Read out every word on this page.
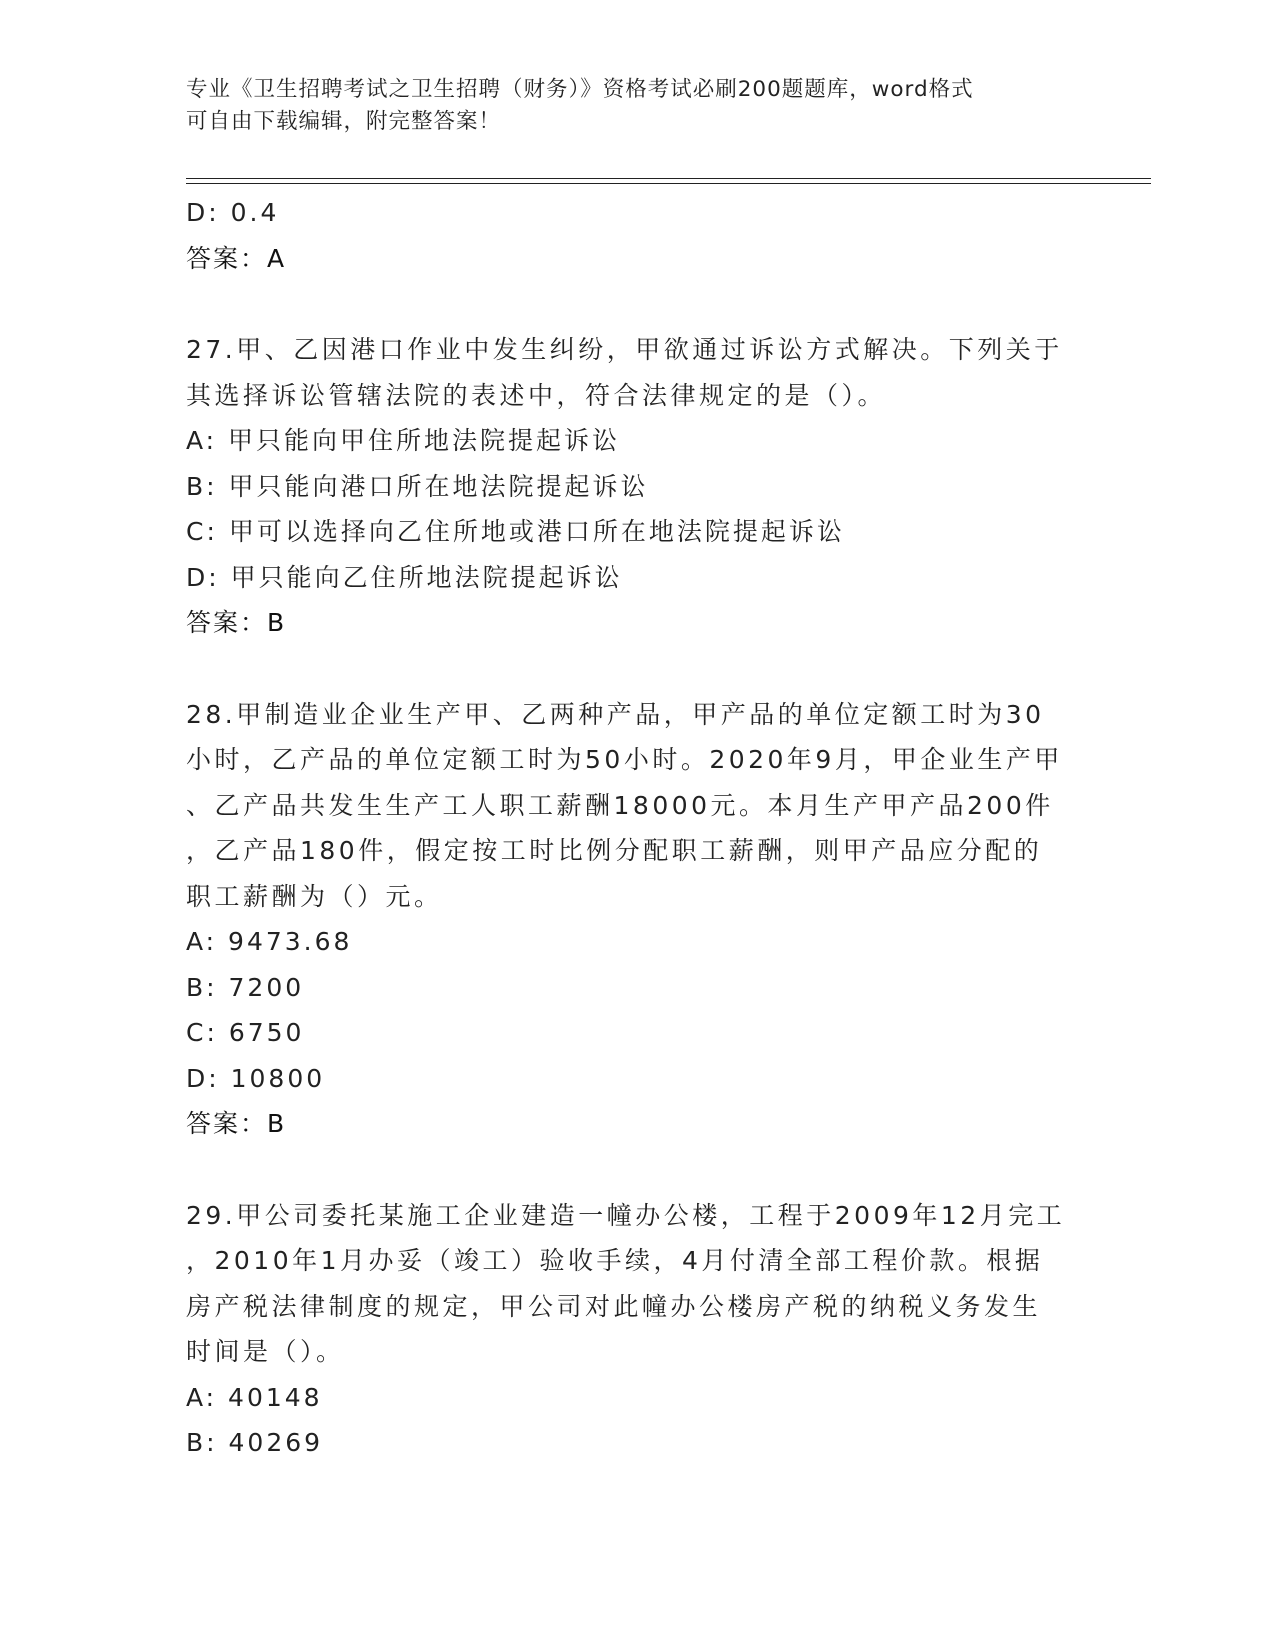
专业《卫生招聘考试之卫生招聘（财务）》资格考试必刷200题题库，word格式
可自由下载编辑，附完整答案！
D: 0.4
答案：A
27.甲、乙因港口作业中发生纠纷，甲欲通过诉讼方式解决。下列关于
其选择诉讼管辖法院的表述中，符合法律规定的是（）。
A: 甲只能向甲住所地法院提起诉讼
B: 甲只能向港口所在地法院提起诉讼
C: 甲可以选择向乙住所地或港口所在地法院提起诉讼
D: 甲只能向乙住所地法院提起诉讼
答案：B
28.甲制造业企业生产甲、乙两种产品，甲产品的单位定额工时为30
小时，乙产品的单位定额工时为50小时。2020年9月，甲企业生产甲
、乙产品共发生生产工人职工薪酬18000元。本月生产甲产品200件
，乙产品180件，假定按工时比例分配职工薪酬，则甲产品应分配的
职工薪酬为（）元。
A: 9473.68
B: 7200
C: 6750
D: 10800
答案：B
29.甲公司委托某施工企业建造一幢办公楼，工程于2009年12月完工
，2010年1月办妥（竣工）验收手续，4月付清全部工程价款。根据
房产税法律制度的规定，甲公司对此幢办公楼房产税的纳税义务发生
时间是（）。
A: 40148
B: 40269
